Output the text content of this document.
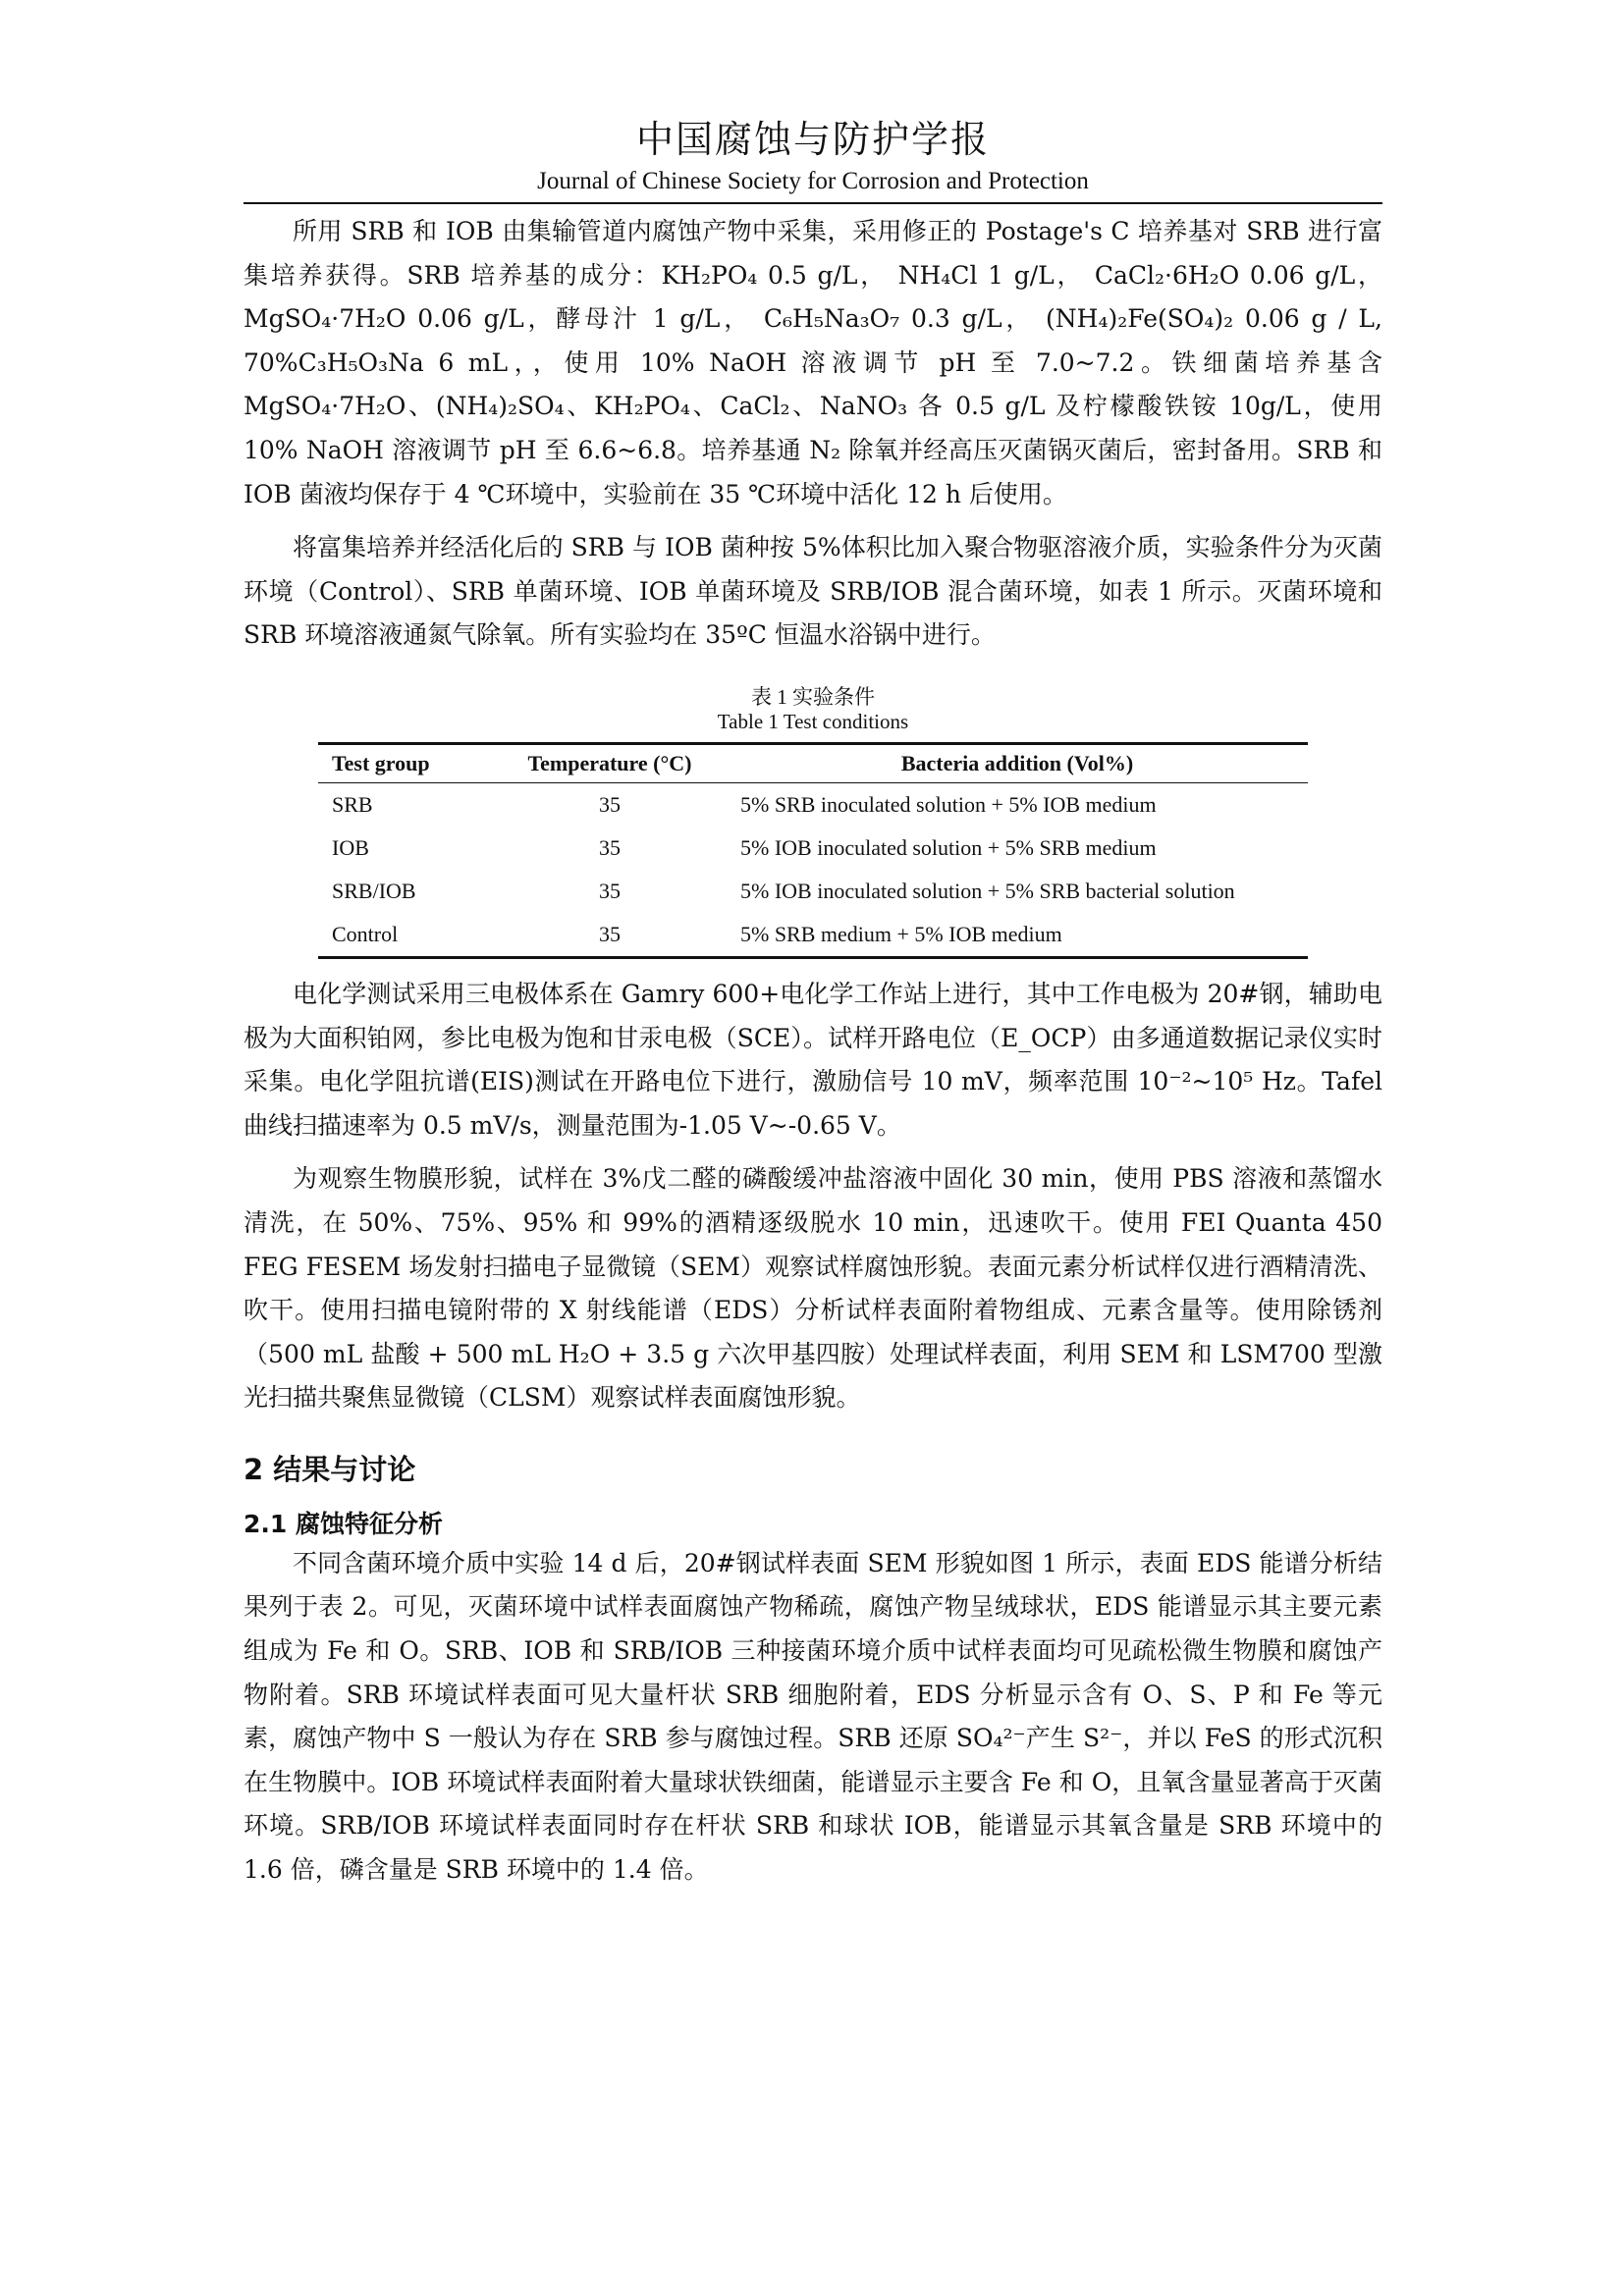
中国腐蚀与防护学报
Journal of Chinese Society for Corrosion and Protection

所用 SRB 和 IOB 由集输管道内腐蚀产物中采集，采用修正的 Postage's C 培养基对 SRB 进行富集培养获得。SRB 培养基的成分：KH₂PO₄ 0.5 g/L， NH₄Cl 1 g/L， CaCl₂·6H₂O 0.06 g/L， MgSO₄·7H₂O 0.06 g/L，酵母汁 1 g/L， C₆H₅Na₃O₇ 0.3 g/L， (NH₄)₂Fe(SO₄)₂ 0.06 g / L, 70%C₃H₅O₃Na 6 mL，，使用 10% NaOH 溶液调节 pH 至 7.0~7.2。铁细菌培养基含 MgSO₄·7H₂O、(NH₄)₂SO₄、KH₂PO₄、CaCl₂、NaNO₃ 各 0.5 g/L 及柠檬酸铁铵 10g/L，使用 10% NaOH 溶液调节 pH 至 6.6~6.8。培养基通 N₂ 除氧并经高压灭菌锅灭菌后，密封备用。SRB 和 IOB 菌液均保存于 4 ℃环境中，实验前在 35 ℃环境中活化 12 h 后使用。

将富集培养并经活化后的 SRB 与 IOB 菌种按 5%体积比加入聚合物驱溶液介质，实验条件分为灭菌环境（Control）、SRB 单菌环境、IOB 单菌环境及 SRB/IOB 混合菌环境，如表 1 所示。灭菌环境和 SRB 环境溶液通氮气除氧。所有实验均在 35ºC 恒温水浴锅中进行。

表 1 实验条件
Table 1 Test conditions
Test group	Temperature (°C)	Bacteria addition (Vol%)
SRB	35	5% SRB inoculated solution + 5% IOB medium
IOB	35	5% IOB inoculated solution + 5% SRB medium
SRB/IOB	35	5% IOB inoculated solution + 5% SRB bacterial solution
Control	35	5% SRB medium + 5% IOB medium

电化学测试采用三电极体系在 Gamry 600+电化学工作站上进行，其中工作电极为 20#钢，辅助电极为大面积铂网，参比电极为饱和甘汞电极（SCE）。试样开路电位（E_OCP）由多通道数据记录仪实时采集。电化学阻抗谱(EIS)测试在开路电位下进行，激励信号 10 mV，频率范围 10⁻²~10⁵ Hz。Tafel 曲线扫描速率为 0.5 mV/s，测量范围为-1.05 V~-0.65 V。

为观察生物膜形貌，试样在 3%戊二醛的磷酸缓冲盐溶液中固化 30 min，使用 PBS 溶液和蒸馏水清洗，在 50%、75%、95% 和 99%的酒精逐级脱水 10 min，迅速吹干。使用 FEI Quanta 450 FEG FESEM 场发射扫描电子显微镜（SEM）观察试样腐蚀形貌。表面元素分析试样仅进行酒精清洗、吹干。使用扫描电镜附带的 X 射线能谱（EDS）分析试样表面附着物组成、元素含量等。使用除锈剂（500 mL 盐酸 + 500 mL H₂O + 3.5 g 六次甲基四胺）处理试样表面，利用 SEM 和 LSM700 型激光扫描共聚焦显微镜（CLSM）观察试样表面腐蚀形貌。

2 结果与讨论
2.1 腐蚀特征分析

不同含菌环境介质中实验 14 d 后，20#钢试样表面 SEM 形貌如图 1 所示，表面 EDS 能谱分析结果列于表 2。可见，灭菌环境中试样表面腐蚀产物稀疏，腐蚀产物呈绒球状，EDS 能谱显示其主要元素组成为 Fe 和 O。SRB、IOB 和 SRB/IOB 三种接菌环境介质中试样表面均可见疏松微生物膜和腐蚀产物附着。SRB 环境试样表面可见大量杆状 SRB 细胞附着，EDS 分析显示含有 O、S、P 和 Fe 等元素，腐蚀产物中 S 一般认为存在 SRB 参与腐蚀过程。SRB 还原 SO₄²⁻产生 S²⁻，并以 FeS 的形式沉积在生物膜中。IOB 环境试样表面附着大量球状铁细菌，能谱显示主要含 Fe 和 O，且氧含量显著高于灭菌环境。SRB/IOB 环境试样表面同时存在杆状 SRB 和球状 IOB，能谱显示其氧含量是 SRB 环境中的 1.6 倍，磷含量是 SRB 环境中的 1.4 倍。
